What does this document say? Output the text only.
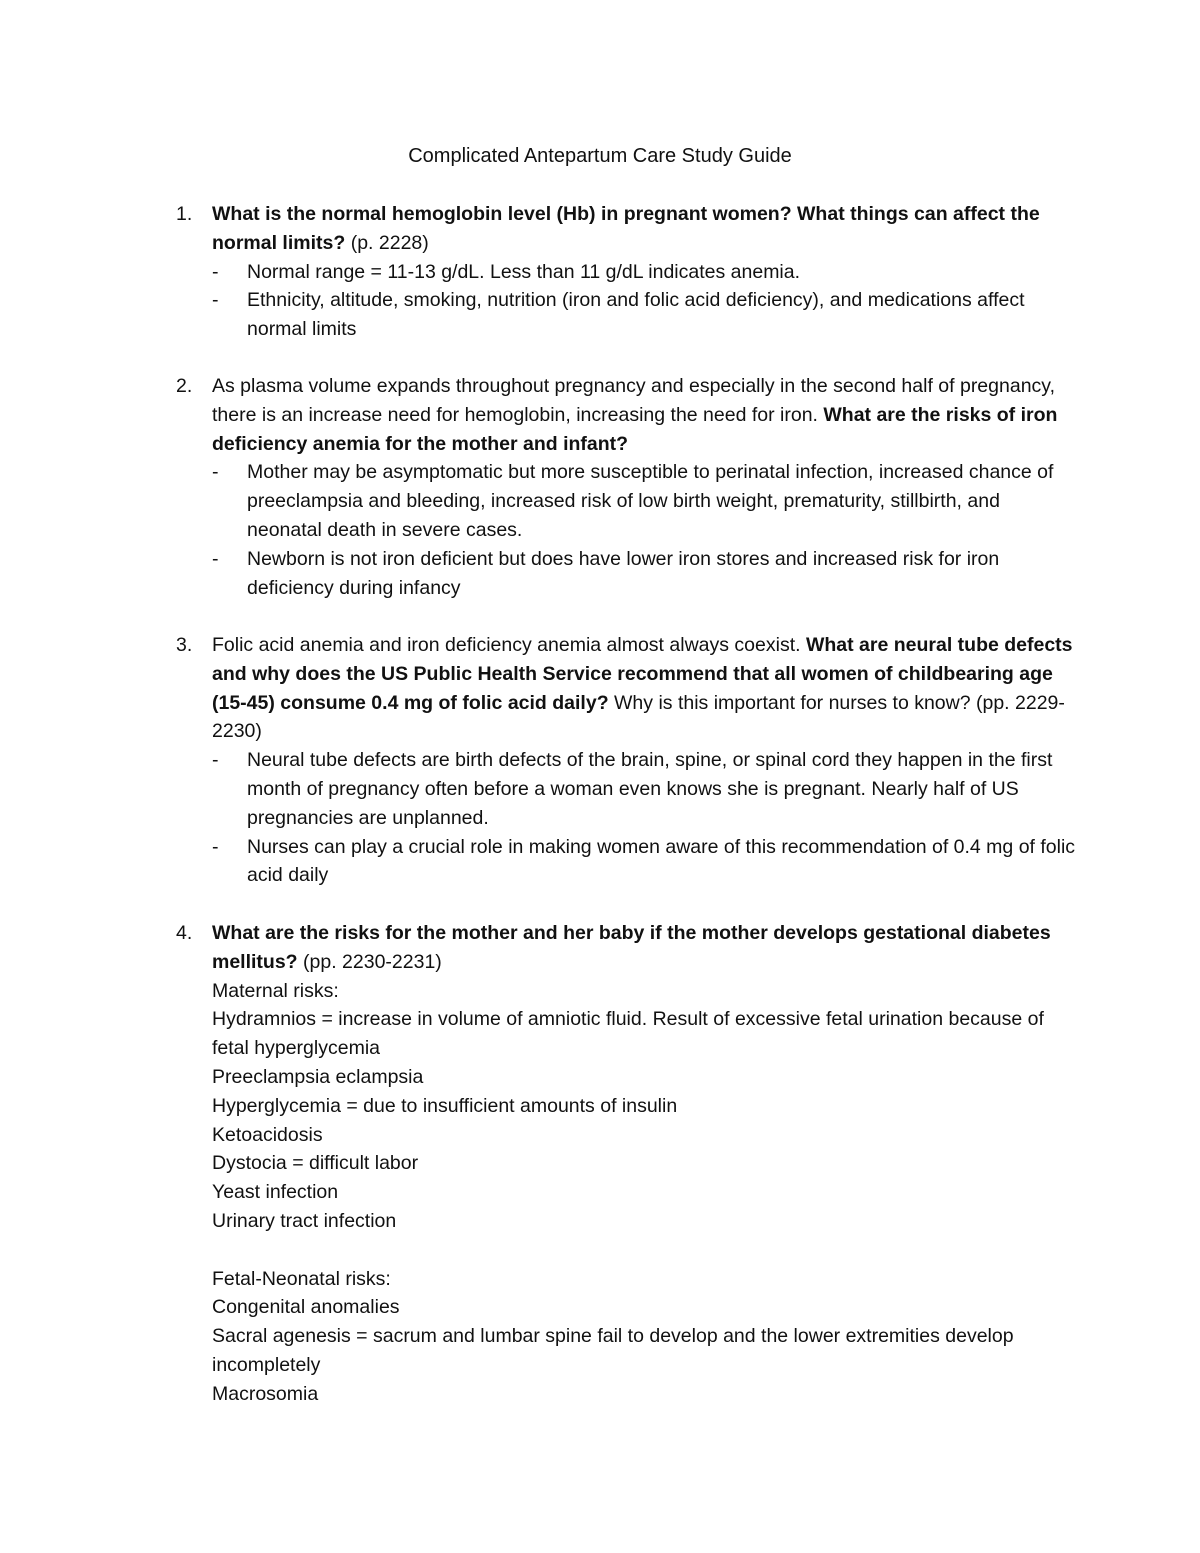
Complicated Antepartum Care Study Guide
1.	What is the normal hemoglobin level (Hb) in pregnant women? What things can affect the normal limits? (p. 2228)
- Normal range = 11-13 g/dL. Less than 11 g/dL indicates anemia.
- Ethnicity, altitude, smoking, nutrition (iron and folic acid deficiency), and medications affect normal limits
2.	As plasma volume expands throughout pregnancy and especially in the second half of pregnancy, there is an increase need for hemoglobin, increasing the need for iron. What are the risks of iron deficiency anemia for the mother and infant?
- Mother may be asymptomatic but more susceptible to perinatal infection, increased chance of preeclampsia and bleeding, increased risk of low birth weight, prematurity, stillbirth, and neonatal death in severe cases.
- Newborn is not iron deficient but does have lower iron stores and increased risk for iron deficiency during infancy
3.	Folic acid anemia and iron deficiency anemia almost always coexist. What are neural tube defects and why does the US Public Health Service recommend that all women of childbearing age (15-45) consume 0.4 mg of folic acid daily? Why is this important for nurses to know? (pp. 2229-2230)
- Neural tube defects are birth defects of the brain, spine, or spinal cord they happen in the first month of pregnancy often before a woman even knows she is pregnant. Nearly half of US pregnancies are unplanned.
- Nurses can play a crucial role in making women aware of this recommendation of 0.4 mg of folic acid daily
4.	What are the risks for the mother and her baby if the mother develops gestational diabetes mellitus? (pp. 2230-2231)
Maternal risks:
Hydramnios = increase in volume of amniotic fluid. Result of excessive fetal urination because of fetal hyperglycemia
Preeclampsia eclampsia
Hyperglycemia = due to insufficient amounts of insulin
Ketoacidosis
Dystocia = difficult labor
Yeast infection
Urinary tract infection
Fetal-Neonatal risks:
Congenital anomalies
Sacral agenesis = sacrum and lumbar spine fail to develop and the lower extremities develop incompletely
Macrosomia
